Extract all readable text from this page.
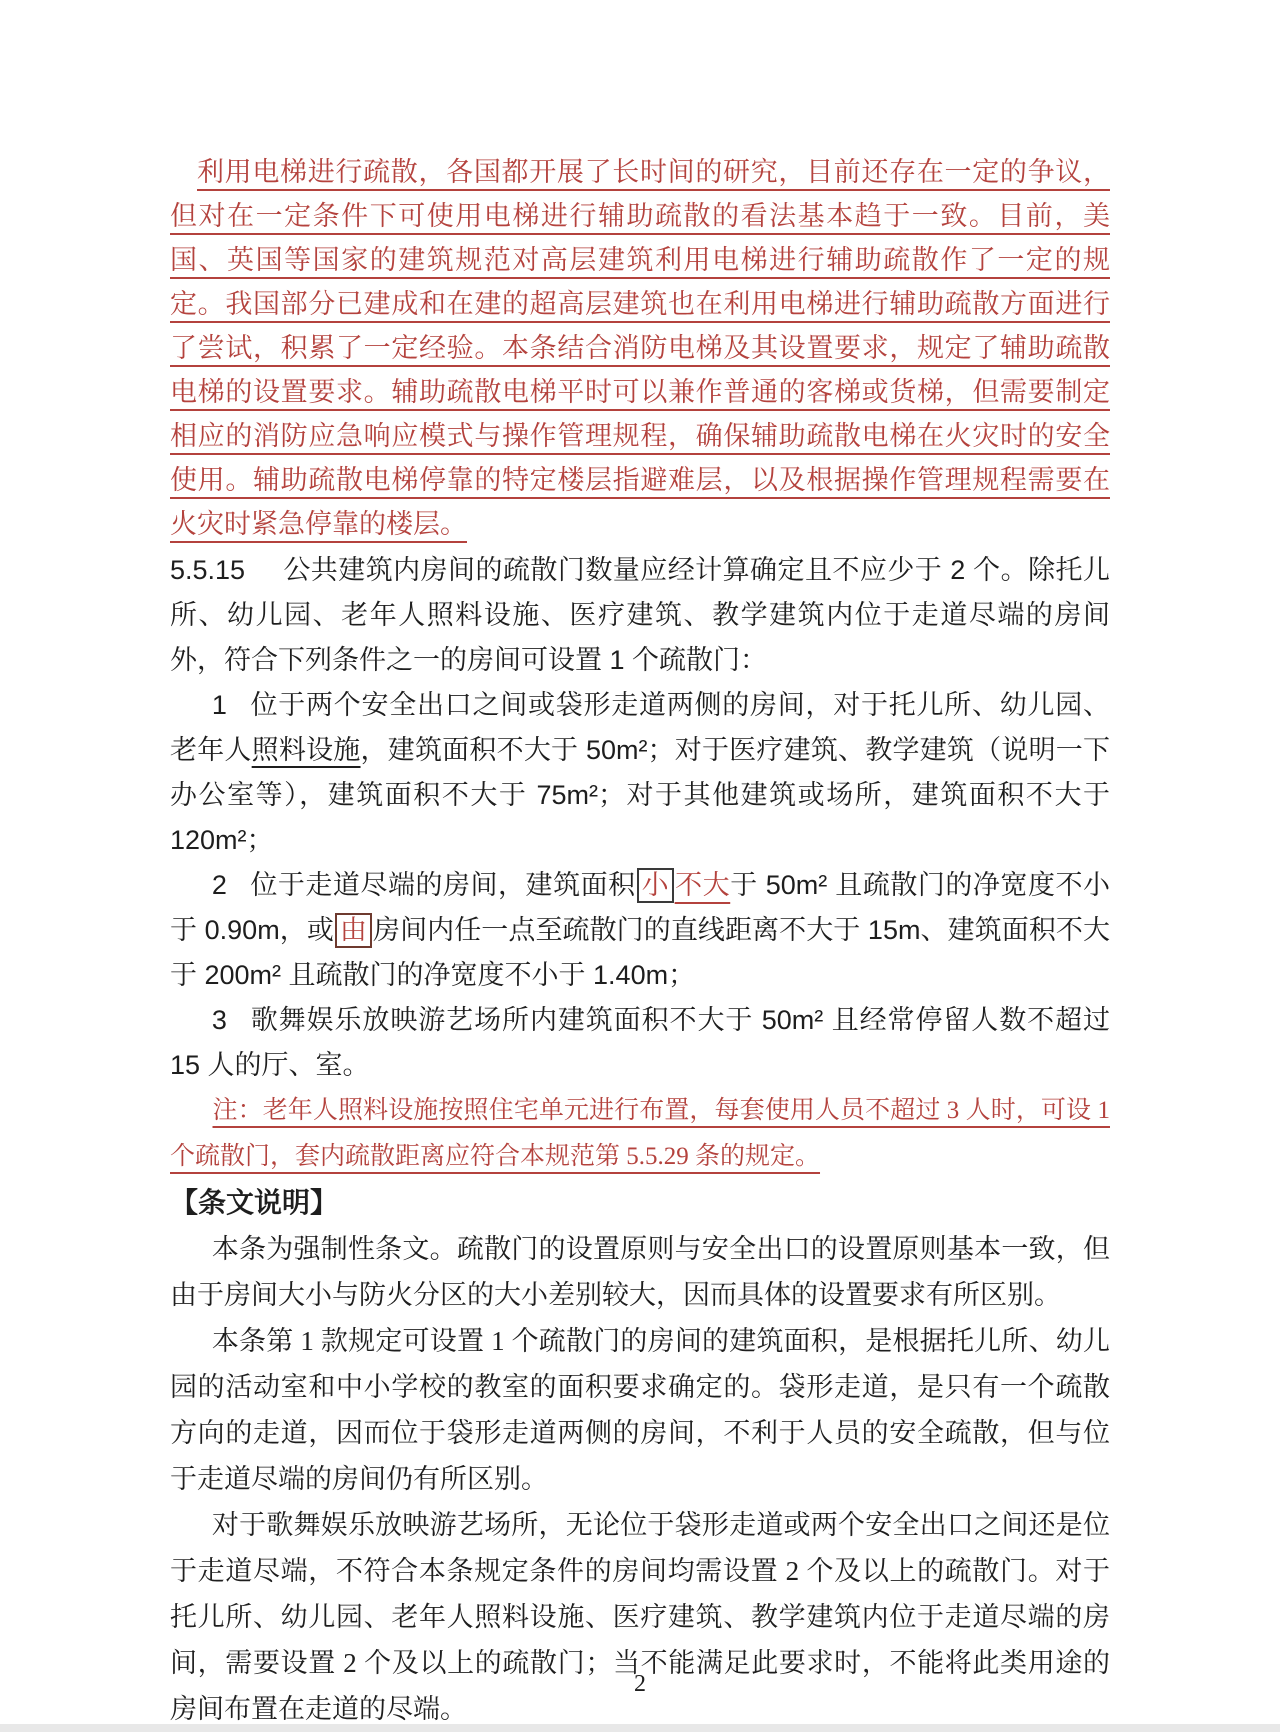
利用电梯进行疏散，各国都开展了长时间的研究，目前还存在一定的争议，但对在一定条件下可使用电梯进行辅助疏散的看法基本趋于一致。目前，美国、英国等国家的建筑规范对高层建筑利用电梯进行辅助疏散作了一定的规定。我国部分已建成和在建的超高层建筑也在利用电梯进行辅助疏散方面进行了尝试，积累了一定经验。本条结合消防电梯及其设置要求，规定了辅助疏散电梯的设置要求。辅助疏散电梯平时可以兼作普通的客梯或货梯，但需要制定相应的消防应急响应模式与操作管理规程，确保辅助疏散电梯在火灾时的安全使用。辅助疏散电梯停靠的特定楼层指避难层，以及根据操作管理规程需要在火灾时紧急停靠的楼层。

5.5.15 公共建筑内房间的疏散门数量应经计算确定且不应少于 2 个。除托儿所、幼儿园、老年人照料设施、医疗建筑、教学建筑内位于走道尽端的房间外，符合下列条件之一的房间可设置 1 个疏散门：

1 位于两个安全出口之间或袋形走道两侧的房间，对于托儿所、幼儿园、老年人照料设施，建筑面积不大于 50m²；对于医疗建筑、教学建筑（说明一下办公室等），建筑面积不大于 75m²；对于其他建筑或场所，建筑面积不大于 120m²；

2 位于走道尽端的房间，建筑面积 小 不大于 50m² 且疏散门的净宽度不小于 0.90m，或 由 房间内任一点至疏散门的直线距离不大于 15m、建筑面积不大于 200m² 且疏散门的净宽度不小于 1.40m；

3 歌舞娱乐放映游艺场所内建筑面积不大于 50m² 且经常停留人数不超过 15 人的厅、室。

注：老年人照料设施按照住宅单元进行布置，每套使用人员不超过 3 人时，可设 1 个疏散门，套内疏散距离应符合本规范第 5.5.29 条的规定。

【条文说明】

本条为强制性条文。疏散门的设置原则与安全出口的设置原则基本一致，但由于房间大小与防火分区的大小差别较大，因而具体的设置要求有所区别。

本条第 1 款规定可设置 1 个疏散门的房间的建筑面积，是根据托儿所、幼儿园的活动室和中小学校的教室的面积要求确定的。袋形走道，是只有一个疏散方向的走道，因而位于袋形走道两侧的房间，不利于人员的安全疏散，但与位于走道尽端的房间仍有所区别。

对于歌舞娱乐放映游艺场所，无论位于袋形走道或两个安全出口之间还是位于走道尽端，不符合本条规定条件的房间均需设置 2 个及以上的疏散门。对于托儿所、幼儿园、老年人照料设施、医疗建筑、教学建筑内位于走道尽端的房间，需要设置 2 个及以上的疏散门；当不能满足此要求时，不能将此类用途的房间布置在走道的尽端。

2
